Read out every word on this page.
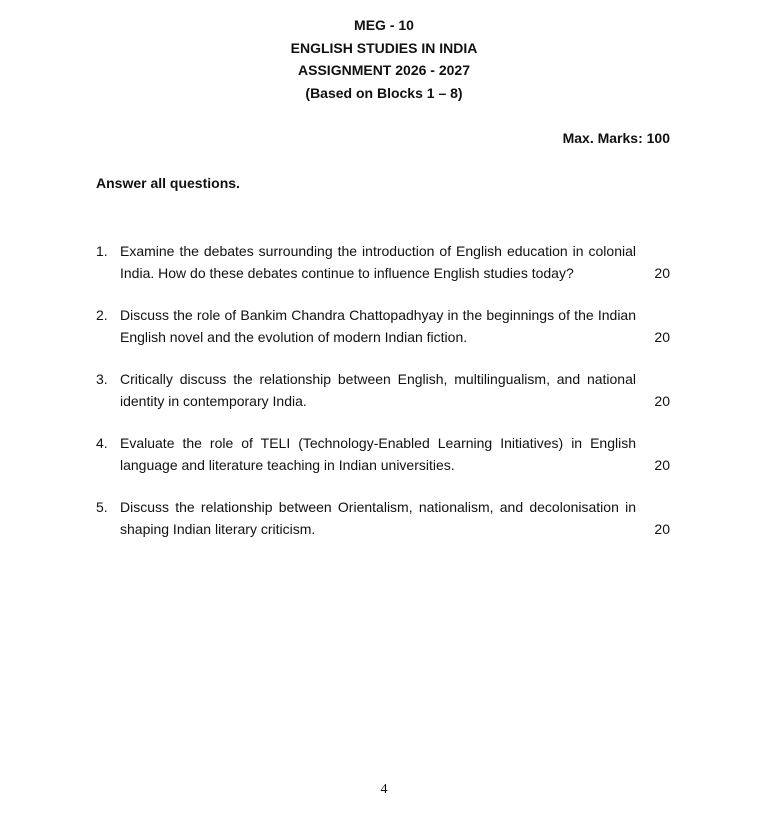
MEG - 10
ENGLISH STUDIES IN INDIA
ASSIGNMENT 2026 - 2027
(Based on Blocks 1 – 8)
Max. Marks: 100
Answer all questions.
1. Examine the debates surrounding the introduction of English education in colonial India. How do these debates continue to influence English studies today?	20
2. Discuss the role of Bankim Chandra Chattopadhyay in the beginnings of the Indian English novel and the evolution of modern Indian fiction.	20
3. Critically discuss the relationship between English, multilingualism, and national identity in contemporary India.	20
4. Evaluate the role of TELI (Technology-Enabled Learning Initiatives) in English language and literature teaching in Indian universities.	20
5. Discuss the relationship between Orientalism, nationalism, and decolonisation in shaping Indian literary criticism.	20
4
